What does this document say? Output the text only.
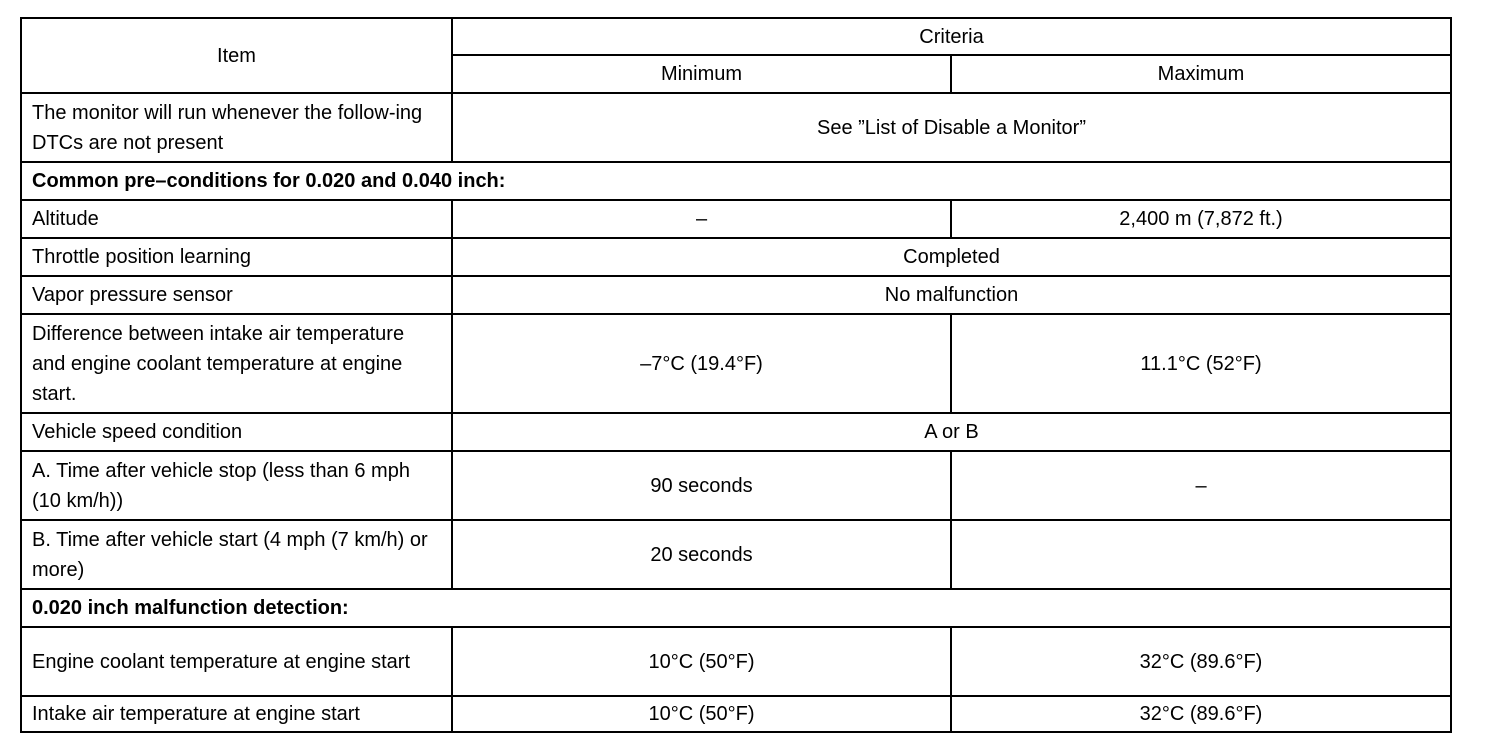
Item	Criteria	
	Minimum	Maximum
The monitor will run whenever the follow-ing DTCs are not present	See ”List of Disable a Monitor”	
Common pre–conditions for 0.020 and 0.040 inch:		
Altitude	–	2,400 m (7,872 ft.)
Throttle position learning	Completed	
Vapor pressure sensor	No malfunction	
Difference between intake air temperature and engine coolant temperature at engine start.	–7°C (19.4°F)	11.1°C (52°F)
Vehicle speed condition	A or B	
A. Time after vehicle stop (less than 6 mph (10 km/h))	90 seconds	–
B. Time after vehicle start (4 mph (7 km/h) or more)	20 seconds	
0.020 inch malfunction detection:		
Engine coolant temperature at engine start	10°C (50°F)	32°C (89.6°F)
Intake air temperature at engine start	10°C (50°F)	32°C (89.6°F)
